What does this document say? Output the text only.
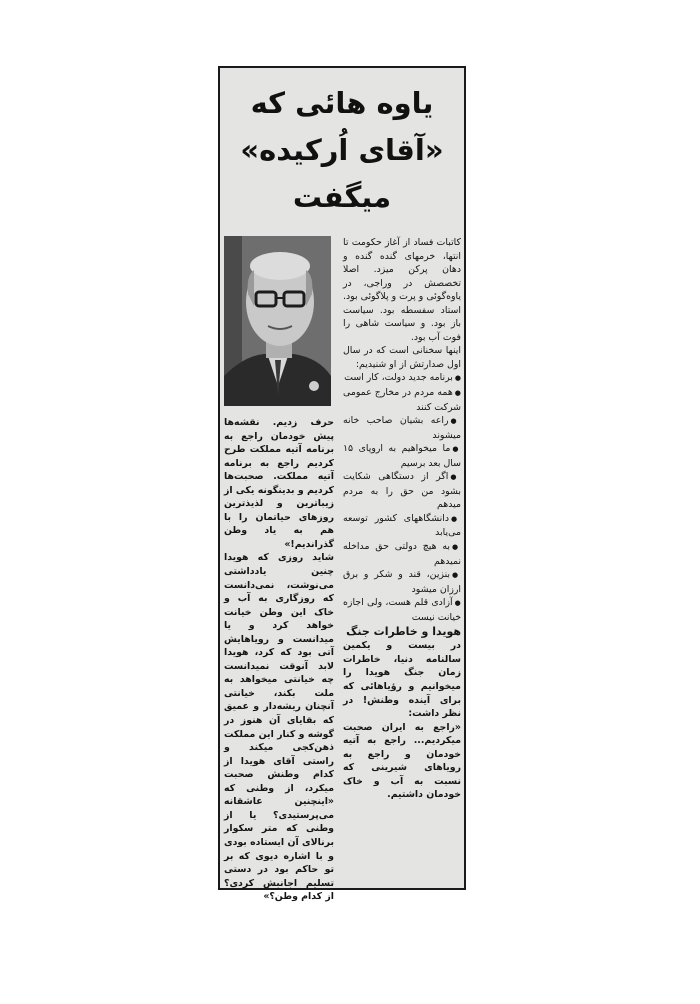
یاوه هائی که
«آقای اُرکیده»
میگفت

کاتبات فساد از آغاز حکومت تا انتها، خرمهای گنده گنده و دهان پرکن میزد. اصلا تخصصش در وراجی، در یاوه‌گوئی و پرت و پلاگوئی بود. استاد سفسطه بود. سیاست باز بود. و سیاست شاهی را فوت آب بود.

اینها سخنانی است که در سال اول صدارتش از او شنیدیم:

● برنامه جدید دولت، کار است
● همه مردم در مخارج عمومی شرکت کنند
● راعه بشیان صاحب خانه میشوند
● ما میخواهیم به اروپای ۱۵ سال بعد برسیم
● اگر از دستگاهی شکایت بشود من حق را به مردم میدهم
● دانشگاههای کشور توسعه می‌یابد
● به هیچ دولتی حق مداخله نمیدهم
● بنزین، قند و شکر و برق ارزان میشود
● آزادی قلم هست، ولی اجازه خیانت نیست

هویدا و خاطرات جنگ

در بیست و یکمین سالنامه دنیا، خاطرات زمان جنگ هویدا را میخوانیم و رؤیاهائی که برای آینده وطنش! در نظر داشت:

«راجع به ایران صحبت میکردیم... راجع به آتیه خودمان و راجع به رویاهای شیرینی که نسبت به آب و خاک خودمان داشتیم.

حرف زدیم. نقشه‌ها پیش خودمان راجع به برنامه آتیه مملکت طرح کردیم راجع به برنامه آتیه مملکت. صحبت‌ها کردیم و بدینگونه یکی از زیباترین و لذیذترین روزهای حیاتمان را با هم به یاد وطن گذراندیم!»

شاید روزی که هویدا چنین یادداشتی می‌نوشت، نمی‌دانست که روزگاری به آب و خاک این وطن خیانت خواهد کرد و یا میدانست و رویاهایش آتی بود که کرد، هویدا لابد آنوقت نمیدانست چه خیانتی میخواهد به ملت بکند، خیانتی آنچنان ریشه‌دار و عمیق که بقایای آن هنوز در گوشه و کنار این مملکت ذهن‌کجی میکند و راستی آقای هویدا از کدام وطنش صحبت میکرد، از وطنی که «اینچنین عاشقانه می‌پرستیدی؟ یا از وطنی که متر سکوار برنالای آن ایستاده بودی و با اشاره دیوی که بر تو حاکم بود در دستی تسلیم اجانبش کردی؟ از کدام وطن؟»
